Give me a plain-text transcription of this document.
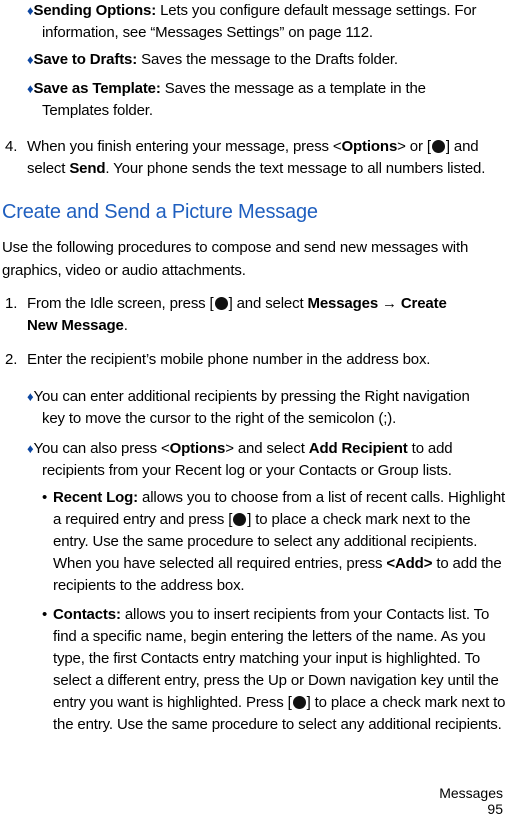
♦Sending Options: Lets you configure default message settings. For
information, see “Messages Settings” on page 112.
♦Save to Drafts: Saves the message to the Drafts folder.
♦Save as Template: Saves the message as a template in the
Templates folder.
4. When you finish entering your message, press <Options> or [ ] and
select Send. Your phone sends the text message to all numbers listed.
Create and Send a Picture Message
Use the following procedures to compose and send new messages with
graphics, video or audio attachments.
1. From the Idle screen, press [ ] and select Messages → Create
New Message.
2. Enter the recipient’s mobile phone number in the address box.
♦You can enter additional recipients by pressing the Right navigation
key to move the cursor to the right of the semicolon (;).
♦You can also press <Options> and select Add Recipient to add
recipients from your Recent log or your Contacts or Group lists.
• Recent Log: allows you to choose from a list of recent calls. Highlight
a required entry and press [ ] to place a check mark next to the
entry. Use the same procedure to select any additional recipients.
When you have selected all required entries, press <Add> to add the
recipients to the address box.
• Contacts: allows you to insert recipients from your Contacts list. To
find a specific name, begin entering the letters of the name. As you
type, the first Contacts entry matching your input is highlighted. To
select a different entry, press the Up or Down navigation key until the
entry you want is highlighted. Press [ ] to place a check mark next to
the entry. Use the same procedure to select any additional recipients.
Messages
95
